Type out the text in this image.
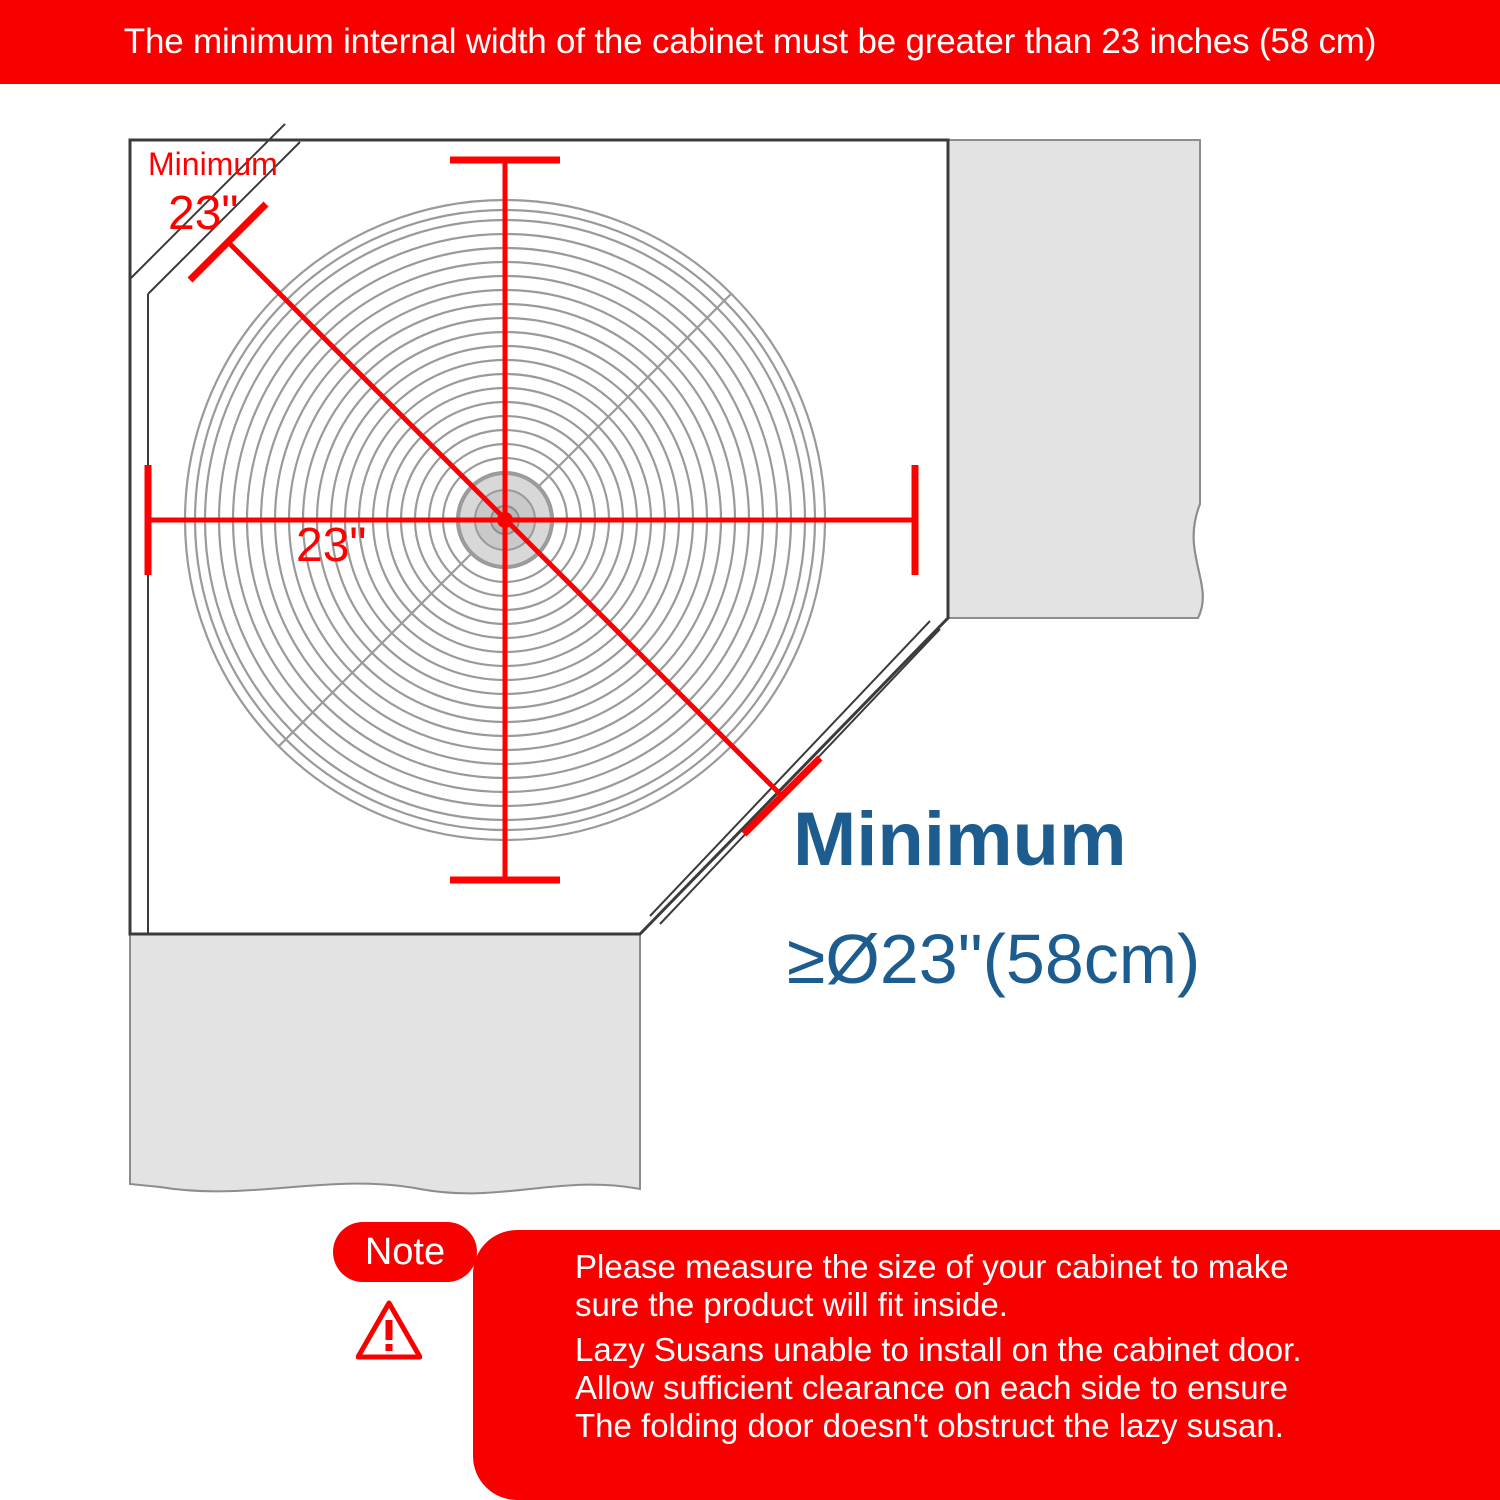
The minimum internal width of the cabinet must be greater than 23 inches (58 cm)
Minimum
23"
23"
Minimum
≥Ø23"(58cm)
Note	Please measure the size of your cabinet to make
sure the product will fit inside.
Lazy Susans unable to install on the cabinet door.
Allow sufficient clearance on each side to ensure
The folding door doesn't obstruct the lazy susan.
